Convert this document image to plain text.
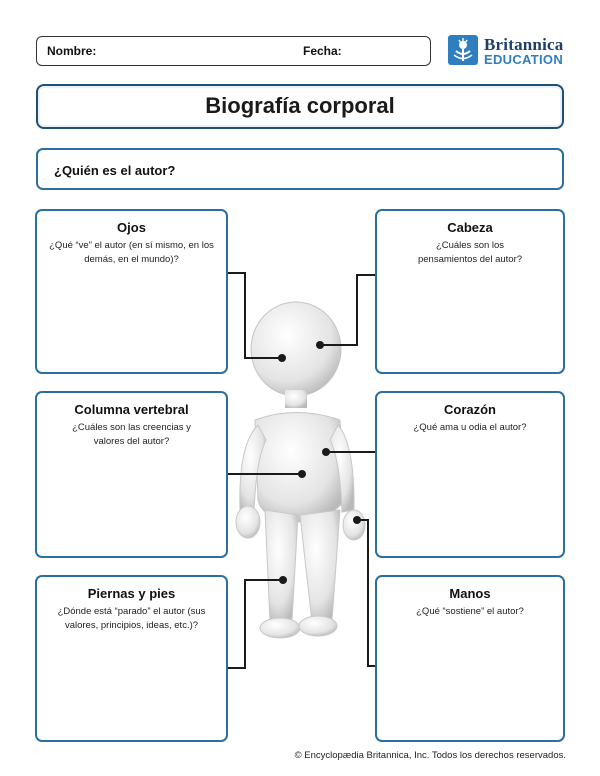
Nombre:	Fecha:	Britannica
EDUCATION
Biografía corporal
¿Quién es el autor?
Ojos
¿Qué “ve” el autor (en sí mismo, en los demás, en el mundo)?
Cabeza
¿Cuáles son los pensamientos del autor?
Columna vertebral
¿Cuáles son las creencias y valores del autor?
Corazón
¿Qué ama u odia el autor?
Piernas y pies
¿Dónde está “parado” el autor (sus valores, principios, ideas, etc.)?
Manos
¿Qué “sostiene” el autor?
© Encyclopædia Britannica, Inc. Todos los derechos reservados.
